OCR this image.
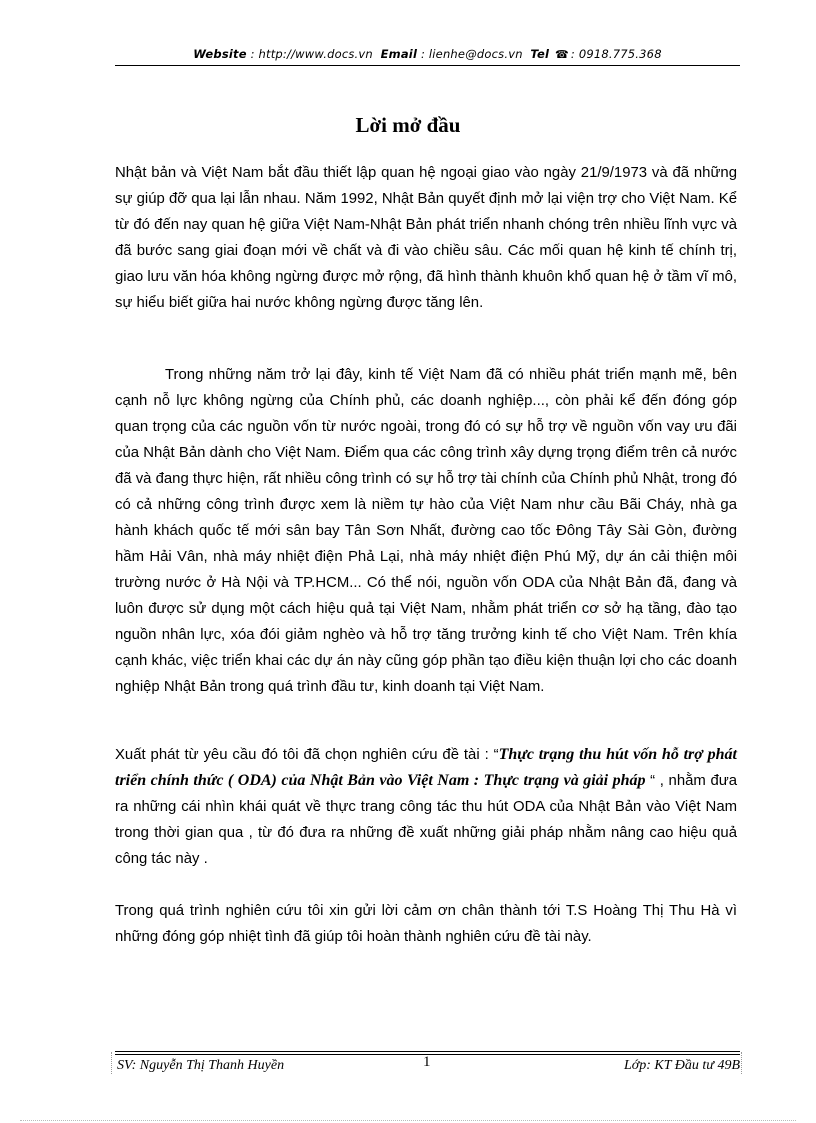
Website : http://www.docs.vn Email : lienhe@docs.vn Tel ☎ : 0918.775.368
Lời mở đầu

Nhật bản và Việt Nam bắt đầu thiết lập quan hệ ngoại giao vào ngày 21/9/1973 và đã những sự giúp đỡ qua lại lẫn nhau. Năm 1992, Nhật Bản quyết định mở lại viện trợ cho Việt Nam. Kể từ đó đến nay quan hệ giữa Việt Nam-Nhật Bản phát triển nhanh chóng trên nhiều lĩnh vực và đã bước sang giai đoạn mới về chất và đi vào chiều sâu. Các mối quan hệ kinh tế chính trị, giao lưu văn hóa không ngừng được mở rộng, đã hình thành khuôn khổ quan hệ ở tầm vĩ mô, sự hiểu biết giữa hai nước không ngừng được tăng lên.

Trong những năm trở lại đây, kinh tế Việt Nam đã có nhiều phát triển mạnh mẽ, bên cạnh nỗ lực không ngừng của Chính phủ, các doanh nghiệp..., còn phải kể đến đóng góp quan trọng của các nguồn vốn từ nước ngoài, trong đó có sự hỗ trợ về nguồn vốn vay ưu đãi của Nhật Bản dành cho Việt Nam. Điểm qua các công trình xây dựng trọng điểm trên cả nước đã và đang thực hiện, rất nhiều công trình có sự hỗ trợ tài chính của Chính phủ Nhật, trong đó có cả những công trình được xem là niềm tự hào của Việt Nam như cầu Bãi Cháy, nhà ga hành khách quốc tế mới sân bay Tân Sơn Nhất, đường cao tốc Đông Tây Sài Gòn, đường hầm Hải Vân, nhà máy nhiệt điện Phả Lại, nhà máy nhiệt điện Phú Mỹ, dự án cải thiện môi trường nước ở Hà Nội và TP.HCM... Có thể nói, nguồn vốn ODA của Nhật Bản đã, đang và luôn được sử dụng một cách hiệu quả tại Việt Nam, nhằm phát triển cơ sở hạ tầng, đào tạo nguồn nhân lực, xóa đói giảm nghèo và hỗ trợ tăng trưởng kinh tế cho Việt Nam. Trên khía cạnh khác, việc triển khai các dự án này cũng góp phần tạo điều kiện thuận lợi cho các doanh nghiệp Nhật Bản trong quá trình đầu tư, kinh doanh tại Việt Nam.

Xuất phát từ yêu cầu đó tôi đã chọn nghiên cứu đề tài : “Thực trạng thu hút vốn hỗ trợ phát triển chính thức ( ODA) của Nhật Bản vào Việt Nam : Thực trạng và giải pháp “ , nhằm đưa ra những cái nhìn khái quát về thực trang công tác thu hút ODA của Nhật Bản vào Việt Nam trong thời gian qua , từ đó đưa ra những đề xuất những giải pháp nhằm nâng cao hiệu quả công tác này .

Trong quá trình nghiên cứu tôi xin gửi lời cảm ơn chân thành tới T.S Hoàng Thị Thu Hà vì những đóng góp nhiệt tình đã giúp tôi hoàn thành nghiên cứu đề tài này.

SV: Nguyễn Thị Thanh Huyền	1	Lớp: KT Đầu tư 49B
